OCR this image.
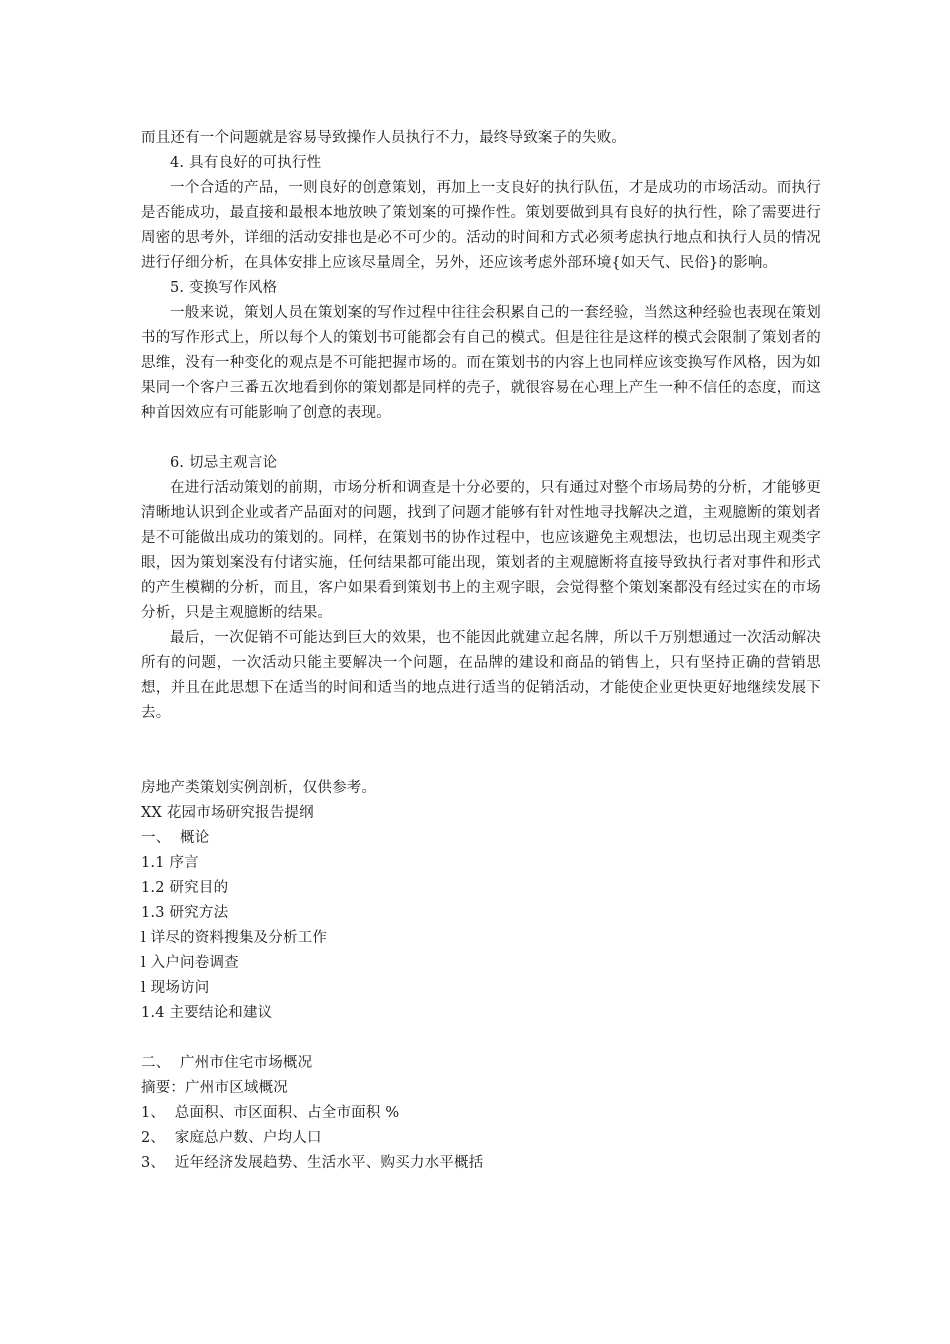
而且还有一个问题就是容易导致操作人员执行不力，最终导致案子的失败。

4. 具有良好的可执行性

一个合适的产品，一则良好的创意策划，再加上一支良好的执行队伍，才是成功的市场活动。而执行是否能成功，最直接和最根本地放映了策划案的可操作性。策划要做到具有良好的执行性，除了需要进行周密的思考外，详细的活动安排也是必不可少的。活动的时间和方式必须考虑执行地点和执行人员的情况进行仔细分析，在具体安排上应该尽量周全，另外，还应该考虑外部环境{如天气、民俗}的影响。

5. 变换写作风格

一般来说，策划人员在策划案的写作过程中往往会积累自己的一套经验，当然这种经验也表现在策划书的写作形式上，所以每个人的策划书可能都会有自己的模式。但是往往是这样的模式会限制了策划者的思维，没有一种变化的观点是不可能把握市场的。而在策划书的内容上也同样应该变换写作风格，因为如果同一个客户三番五次地看到你的策划都是同样的壳子，就很容易在心理上产生一种不信任的态度，而这种首因效应有可能影响了创意的表现。

6. 切忌主观言论

在进行活动策划的前期，市场分析和调查是十分必要的，只有通过对整个市场局势的分析，才能够更清晰地认识到企业或者产品面对的问题，找到了问题才能够有针对性地寻找解决之道，主观臆断的策划者是不可能做出成功的策划的。同样，在策划书的协作过程中，也应该避免主观想法，也切忌出现主观类字眼，因为策划案没有付诸实施，任何结果都可能出现，策划者的主观臆断将直接导致执行者对事件和形式的产生模糊的分析，而且，客户如果看到策划书上的主观字眼，会觉得整个策划案都没有经过实在的市场分析，只是主观臆断的结果。

最后，一次促销不可能达到巨大的效果，也不能因此就建立起名牌，所以千万别想通过一次活动解决所有的问题，一次活动只能主要解决一个问题，在品牌的建设和商品的销售上，只有坚持正确的营销思想，并且在此思想下在适当的时间和适当的地点进行适当的促销活动，才能使企业更快更好地继续发展下去。

房地产类策划实例剖析，仅供参考。

XX 花园市场研究报告提纲

一、  概论

1.1 序言

1.2 研究目的

1.3 研究方法

l 详尽的资料搜集及分析工作

l 入户问卷调查

l 现场访问

1.4 主要结论和建议

二、  广州市住宅市场概况

摘要：广州市区域概况

1、  总面积、市区面积、占全市面积 %

2、  家庭总户数、户均人口

3、  近年经济发展趋势、生活水平、购买力水平概括
